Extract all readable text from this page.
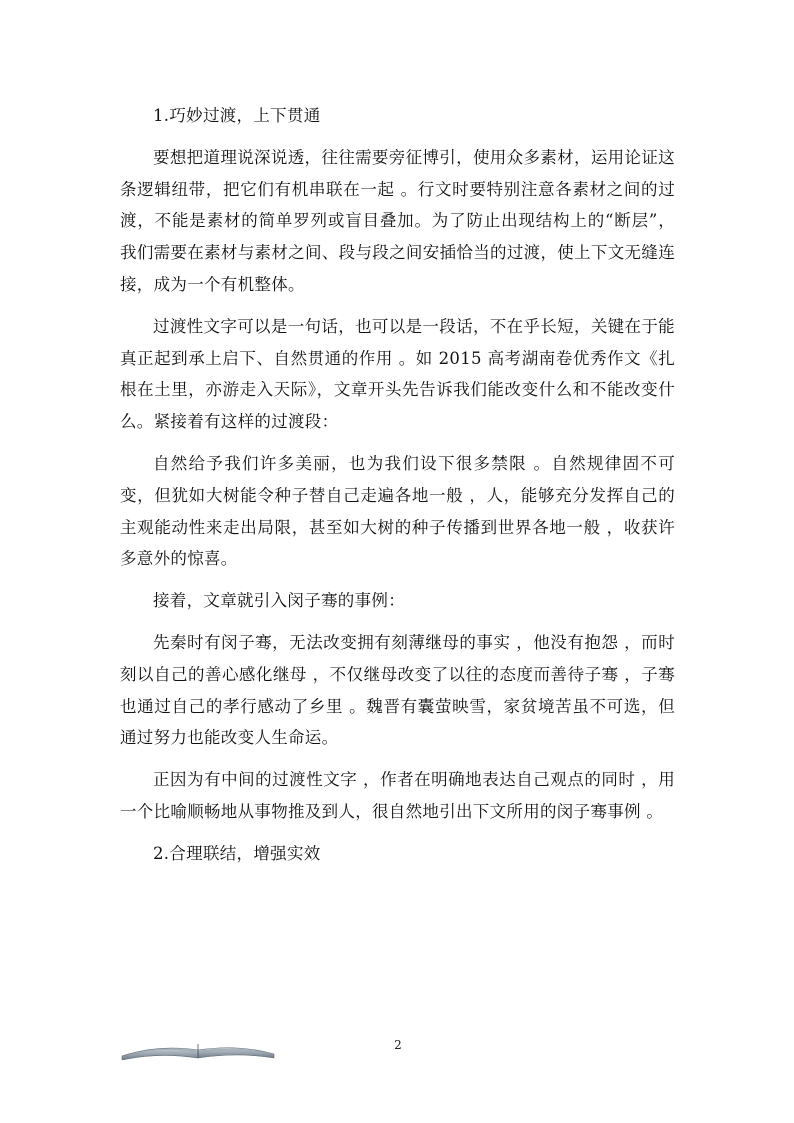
1.巧妙过渡，上下贯通

要想把道理说深说透，往往需要旁征博引，使用众多素材，运用论证这条逻辑纽带，把它们有机串联在一起 。行文时要特别注意各素材之间的过渡，不能是素材的简单罗列或盲目叠加。为了防止出现结构上的“断层”，我们需要在素材与素材之间、段与段之间安插恰当的过渡，使上下文无缝连接，成为一个有机整体。

过渡性文字可以是一句话，也可以是一段话，不在乎长短，关键在于能真正起到承上启下、自然贯通的作用 。如 2015 高考湖南卷优秀作文《扎根在土里，亦游走入天际》，文章开头先告诉我们能改变什么和不能改变什么。紧接着有这样的过渡段：

自然给予我们许多美丽，也为我们设下很多禁限 。自然规律固不可变，但犹如大树能令种子替自己走遍各地一般 ，人，能够充分发挥自己的主观能动性来走出局限，甚至如大树的种子传播到世界各地一般 ，收获许多意外的惊喜。

接着，文章就引入闵子骞的事例：

先秦时有闵子骞，无法改变拥有刻薄继母的事实 ，他没有抱怨 ，而时刻以自己的善心感化继母 ，不仅继母改变了以往的态度而善待子骞 ，子骞也通过自己的孝行感动了乡里 。魏晋有囊萤映雪，家贫境苦虽不可选，但通过努力也能改变人生命运。

正因为有中间的过渡性文字 ，作者在明确地表达自己观点的同时 ，用一个比喻顺畅地从事物推及到人，很自然地引出下文所用的闵子骞事例 。

2.合理联结，增强实效

2
